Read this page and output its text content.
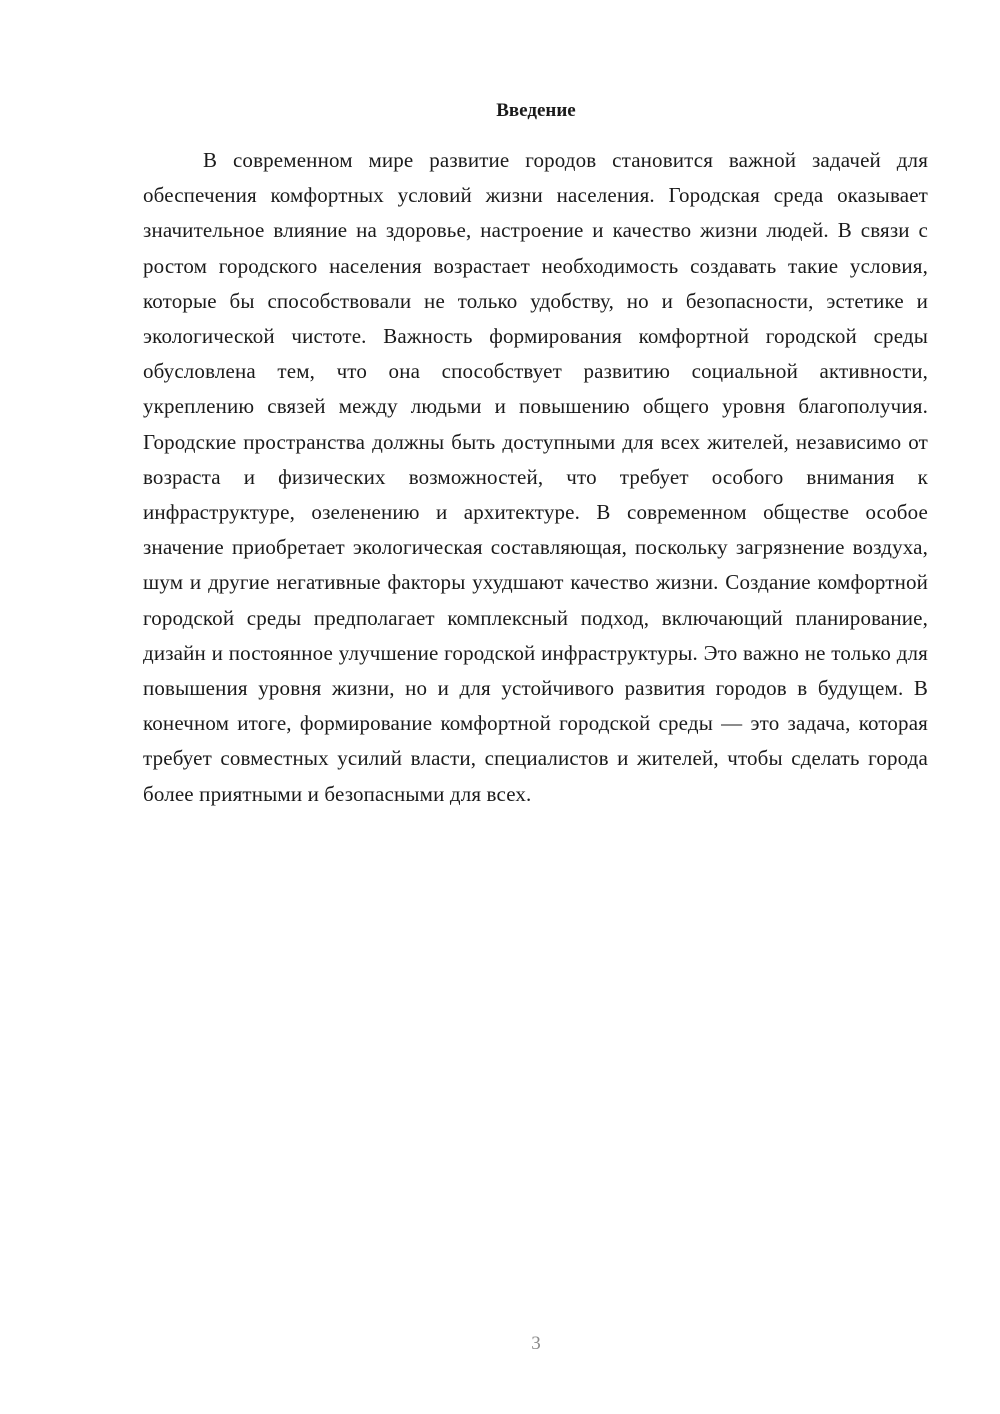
Введение

В современном мире развитие городов становится важной задачей для обеспечения комфортных условий жизни населения. Городская среда оказывает значительное влияние на здоровье, настроение и качество жизни людей. В связи с ростом городского населения возрастает необходимость создавать такие условия, которые бы способствовали не только удобству, но и безопасности, эстетике и экологической чистоте. Важность формирования комфортной городской среды обусловлена тем, что она способствует развитию социальной активности, укреплению связей между людьми и повышению общего уровня благополучия. Городские пространства должны быть доступными для всех жителей, независимо от возраста и физических возможностей, что требует особого внимания к инфраструктуре, озеленению и архитектуре. В современном обществе особое значение приобретает экологическая составляющая, поскольку загрязнение воздуха, шум и другие негативные факторы ухудшают качество жизни. Создание комфортной городской среды предполагает комплексный подход, включающий планирование, дизайн и постоянное улучшение городской инфраструктуры. Это важно не только для повышения уровня жизни, но и для устойчивого развития городов в будущем. В конечном итоге, формирование комфортной городской среды — это задача, которая требует совместных усилий власти, специалистов и жителей, чтобы сделать города более приятными и безопасными для всех.

3
